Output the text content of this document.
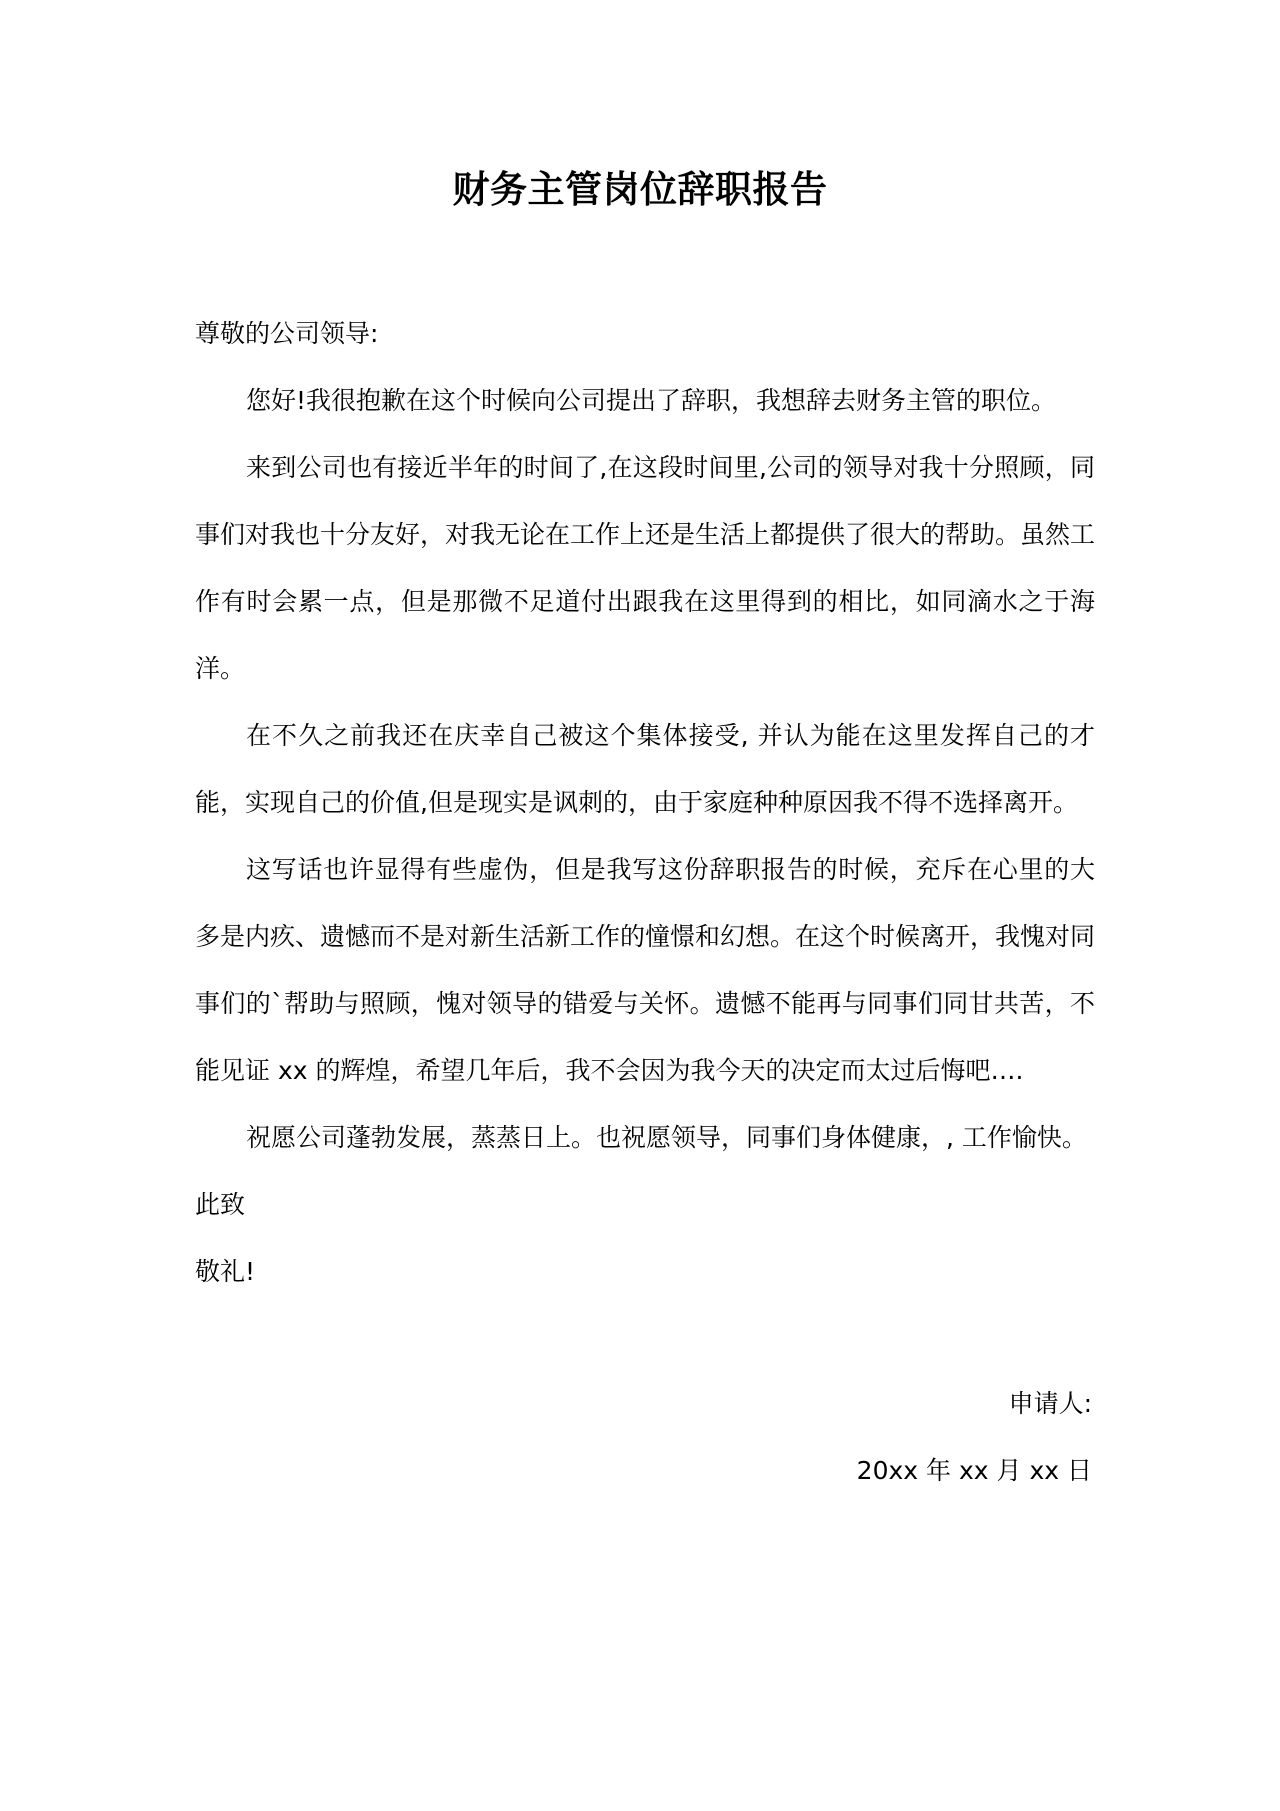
财务主管岗位辞职报告

尊敬的公司领导:

您好!我很抱歉在这个时候向公司提出了辞职，我想辞去财务主管的职位。

来到公司也有接近半年的时间了,在这段时间里,公司的领导对我十分照顾，同事们对我也十分友好，对我无论在工作上还是生活上都提供了很大的帮助。虽然工作有时会累一点，但是那微不足道付出跟我在这里得到的相比，如同滴水之于海洋。

在不久之前我还在庆幸自己被这个集体接受, 并认为能在这里发挥自己的才能，实现自己的价值,但是现实是讽刺的，由于家庭种种原因我不得不选择离开。

这写话也许显得有些虚伪，但是我写这份辞职报告的时候，充斥在心里的大多是内疚、遗憾而不是对新生活新工作的憧憬和幻想。在这个时候离开，我愧对同事们的`帮助与照顾，愧对领导的错爱与关怀。遗憾不能再与同事们同甘共苦，不能见证 xx 的辉煌，希望几年后，我不会因为我今天的决定而太过后悔吧….

祝愿公司蓬勃发展，蒸蒸日上。也祝愿领导，同事们身体健康，, 工作愉快。

此致

敬礼!

申请人:
20xx 年 xx 月 xx 日
